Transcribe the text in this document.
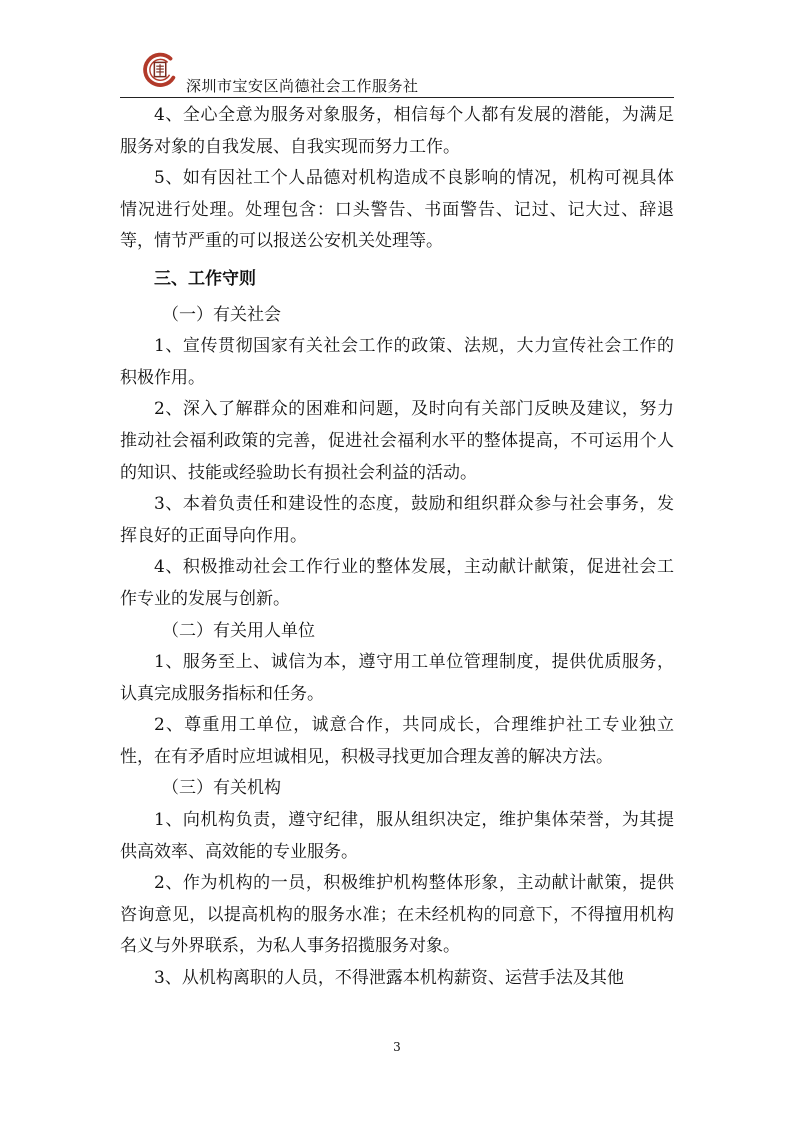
深圳市宝安区尚德社会工作服务社

4、全心全意为服务对象服务，相信每个人都有发展的潜能，为满足服务对象的自我发展、自我实现而努力工作。

5、如有因社工个人品德对机构造成不良影响的情况，机构可视具体情况进行处理。处理包含：口头警告、书面警告、记过、记大过、辞退等，情节严重的可以报送公安机关处理等。

三、工作守则

（一）有关社会

1、宣传贯彻国家有关社会工作的政策、法规，大力宣传社会工作的积极作用。

2、深入了解群众的困难和问题，及时向有关部门反映及建议，努力推动社会福利政策的完善，促进社会福利水平的整体提高，不可运用个人的知识、技能或经验助长有损社会利益的活动。

3、本着负责任和建设性的态度，鼓励和组织群众参与社会事务，发挥良好的正面导向作用。

4、积极推动社会工作行业的整体发展，主动献计献策，促进社会工作专业的发展与创新。

（二）有关用人单位

1、服务至上、诚信为本，遵守用工单位管理制度，提供优质服务，认真完成服务指标和任务。

2、尊重用工单位，诚意合作，共同成长，合理维护社工专业独立性，在有矛盾时应坦诚相见，积极寻找更加合理友善的解决方法。

（三）有关机构

1、向机构负责，遵守纪律，服从组织决定，维护集体荣誉，为其提供高效率、高效能的专业服务。

2、作为机构的一员，积极维护机构整体形象，主动献计献策，提供咨询意见，以提高机构的服务水准；在未经机构的同意下，不得擅用机构名义与外界联系，为私人事务招揽服务对象。

3、从机构离职的人员，不得泄露本机构薪资、运营手法及其他

3
